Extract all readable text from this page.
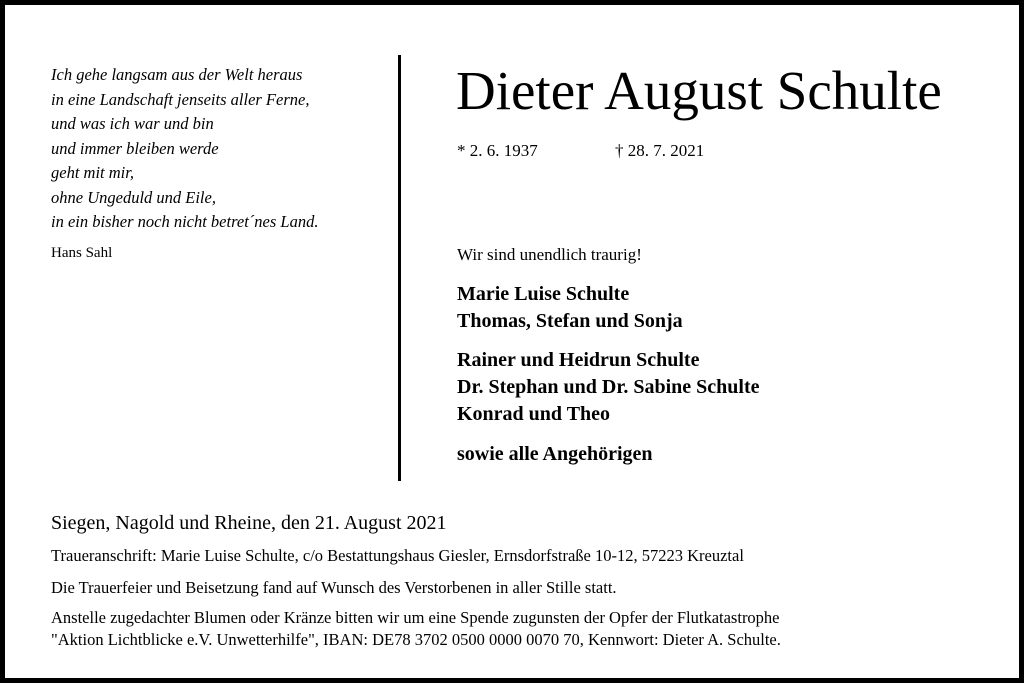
Ich gehe langsam aus der Welt heraus
in eine Landschaft jenseits aller Ferne,
und was ich war und bin
und immer bleiben werde
geht mit mir,
ohne Ungeduld und Eile,
in ein bisher noch nicht betret´nes Land.
Hans Sahl
Dieter August Schulte
* 2. 6. 1937	† 28. 7. 2021
Wir sind unendlich traurig!
Marie Luise Schulte
Thomas, Stefan und Sonja
Rainer und Heidrun Schulte
Dr. Stephan und Dr. Sabine Schulte
Konrad und Theo
sowie alle Angehörigen
Siegen, Nagold und Rheine, den 21. August 2021
Traueranschrift: Marie Luise Schulte, c/o Bestattungshaus Giesler, Ernsdorfstraße 10-12, 57223 Kreuztal
Die Trauerfeier und Beisetzung fand auf Wunsch des Verstorbenen in aller Stille statt.
Anstelle zugedachter Blumen oder Kränze bitten wir um eine Spende zugunsten der Opfer der Flutkatastrophe
"Aktion Lichtblicke e.V. Unwetterhilfe", IBAN: DE78 3702 0500 0000 0070 70, Kennwort: Dieter A. Schulte.
